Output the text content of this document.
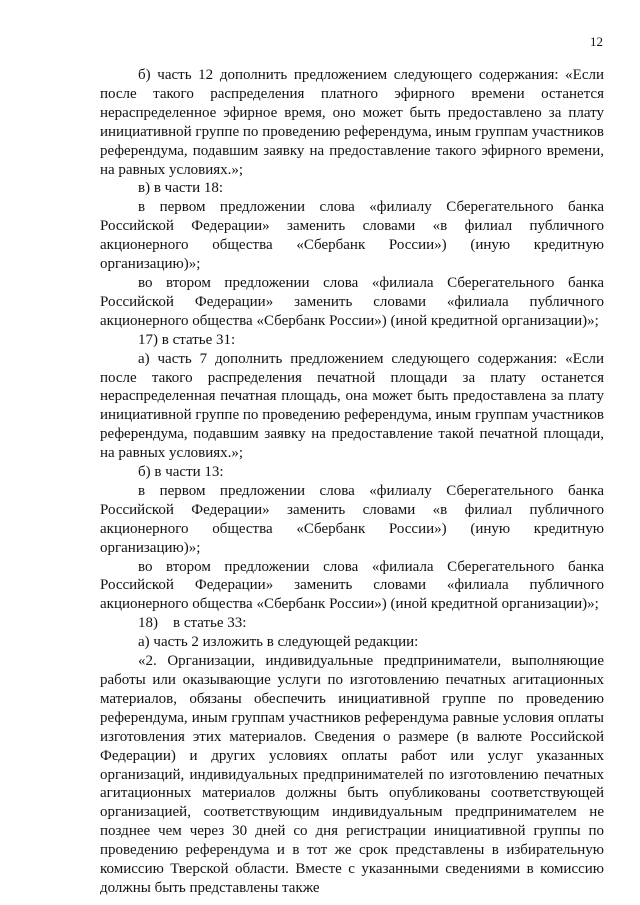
12

б) часть 12 дополнить предложением следующего содержания: «Если после такого распределения платного эфирного времени останется нераспределенное эфирное время, оно может быть предоставлено за плату инициативной группе по проведению референдума, иным группам участников референдума, подавшим заявку на предоставление такого эфирного времени, на равных условиях.»;

в) в части 18:

в первом предложении слова «филиалу Сберегательного банка Российской Федерации» заменить словами «в филиал публичного акционерного общества «Сбербанк России») (иную кредитную организацию)»;

во втором предложении слова «филиала Сберегательного банка Российской Федерации» заменить словами «филиала публичного акционерного общества «Сбербанк России») (иной кредитной организации)»;

17) в статье 31:

а) часть 7 дополнить предложением следующего содержания: «Если после такого распределения печатной площади за плату останется нераспределенная печатная площадь, она может быть предоставлена за плату инициативной группе по проведению референдума, иным группам участников референдума, подавшим заявку на предоставление такой печатной площади, на равных условиях.»;

б) в части 13:

в первом предложении слова «филиалу Сберегательного банка Российской Федерации» заменить словами «в филиал публичного акционерного общества «Сбербанк России») (иную кредитную организацию)»;

во втором предложении слова «филиала Сберегательного банка Российской Федерации» заменить словами «филиала публичного акционерного общества «Сбербанк России») (иной кредитной организации)»;

18)    в статье 33:

а) часть 2 изложить в следующей редакции:

«2. Организации, индивидуальные предприниматели, выполняющие работы или оказывающие услуги по изготовлению печатных агитационных материалов, обязаны обеспечить инициативной группе по проведению референдума, иным группам участников референдума равные условия оплаты изготовления этих материалов. Сведения о размере (в валюте Российской Федерации) и других условиях оплаты работ или услуг указанных организаций, индивидуальных предпринимателей по изготовлению печатных агитационных материалов должны быть опубликованы соответствующей организацией, соответствующим индивидуальным предпринимателем не позднее чем через 30 дней со дня регистрации инициативной группы по проведению референдума и в тот же срок представлены в избирательную комиссию Тверской области. Вместе с указанными сведениями в комиссию должны быть представлены также
